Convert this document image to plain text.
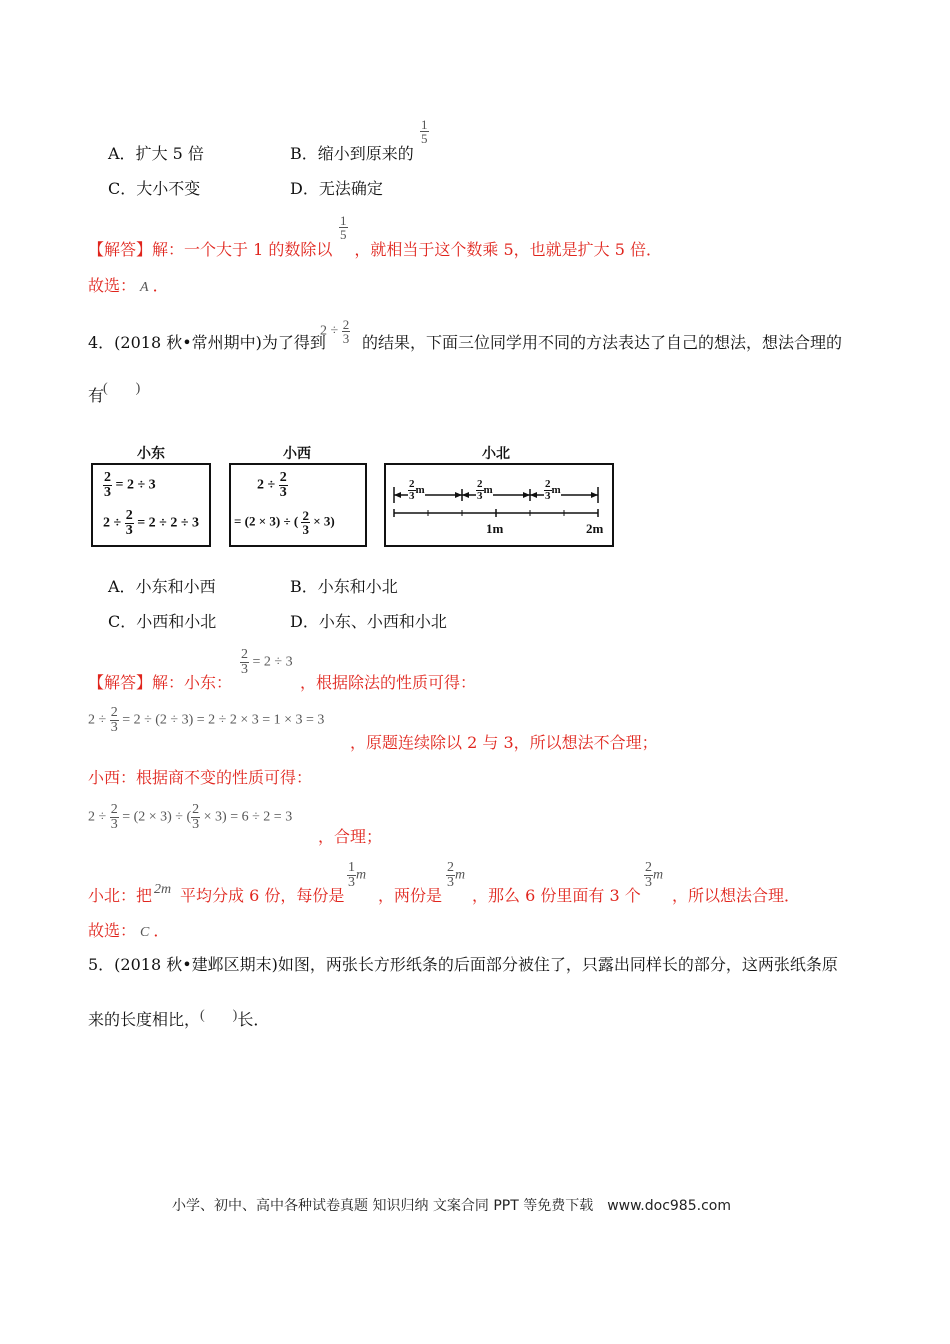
A．扩大 5 倍	B．缩小到原来的
$\frac{1}{5}$
C．大小不变	D．无法确定
【解答】解：一个大于 1 的数除以 ，就相当于这个数乘 5，也就是扩大 5 倍．
$\frac{1}{5}$
故选： A ．
4．(2018 秋•常州期中)为了得到
$2 \div \frac{2}{3}$ 的结果，下面三位同学用不同的方法表达了自己的想法，想法合理的
有
(　　)
小东
$\frac{2}{3} = 2 \div 3$
$2 \div \frac{2}{3} = 2 \div 2 \div 3$
小西
$2 \div \frac{2}{3}$
= (2 × 3) ÷ ( $\frac{2}{3} \times 3$)
小北
$\frac{2}{3}$ m	$\frac{2}{3}$ m	$\frac{2}{3}$ m
1m	2m
A．小东和小西	B．小东和小北
C．小西和小北	D．小东、小西和小北
【解答】解：小东：
$\frac{2}{3} = 2 \div 3$
，根据除法的性质可得：
$2 \div \frac{2}{3} = 2 \div (2 \div 3) = 2 \div 2 \times 3 = 1 \times 3 = 3$
，原题连续除以 2 与 3，所以想法不合理；
小西：根据商不变的性质可得：
$2 \div \frac{2}{3} = (2 \times 3)$ ÷ ( $\frac{2}{3} \times 3) = 6 \div 2 = 3$
，合理；
小北：把 2m 平均分成 6 份，每份是
$\frac{1}{3}$ m
，两份是
$\frac{2}{3}$ m
，那么 6 份里面有 3 个
$\frac{2}{3}$ m
，所以想法合理．
故选： C ．
5．(2018 秋•建邺区期末)如图，两张长方形纸条的后面部分被住了，只露出同样长的部分，这两张纸条原
来的长度相比，(　　)长．
小学、初中、高中各种试卷真题 知识归纳 文案合同 PPT 等免费下载　www.doc985.com
